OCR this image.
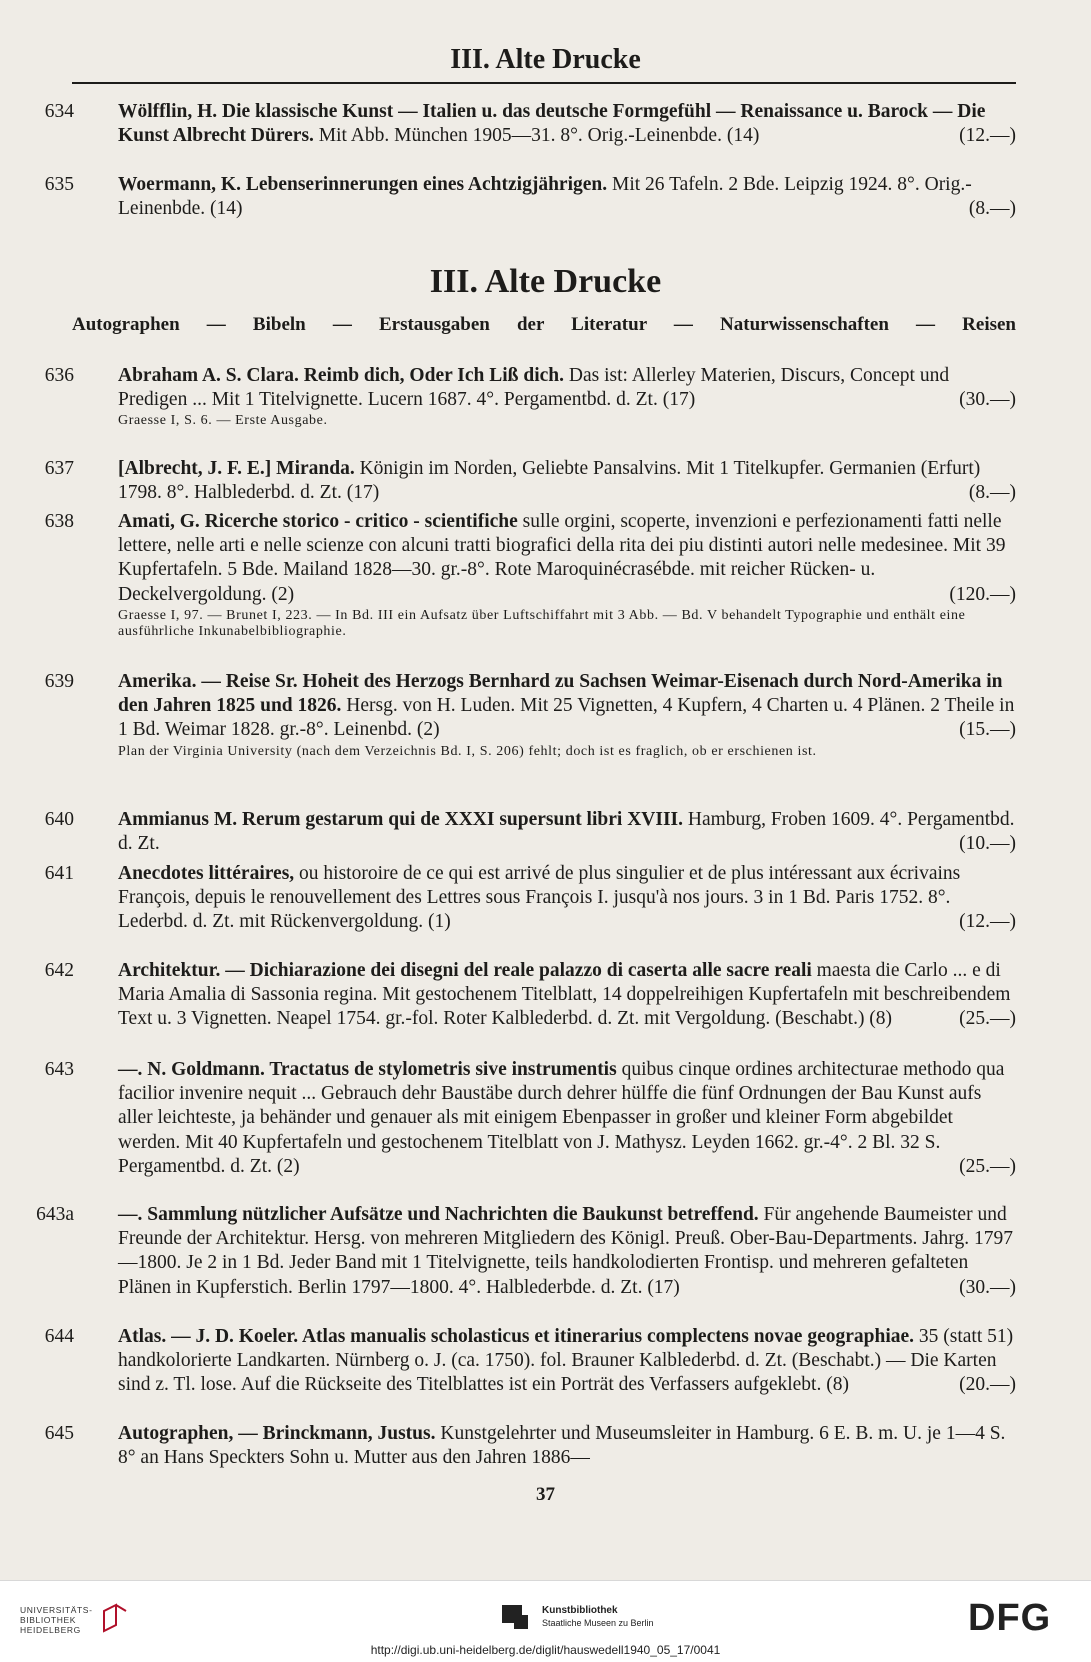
III. Alte Drucke
634 Wölfflin, H. Die klassische Kunst — Italien u. das deutsche Formgefühl — Renaissance u. Barock — Die Kunst Albrecht Dürers. Mit Abb. München 1905—31. 8°. Orig.-Leinenbde. (14)	(12.—)
635 Woermann, K. Lebenserinnerungen eines Achtzigjährigen. Mit 26 Tafeln. 2 Bde. Leipzig 1924. 8°. Orig.-Leinenbde. (14)	(8.—)
III. Alte Drucke
Autographen — Bibeln — Erstausgaben der Literatur — Naturwissenschaften — Reisen
636 Abraham A. S. Clara. Reimb dich, Oder Ich Liß dich. Das ist: Allerley Materien, Discurs, Concept und Predigen ... Mit 1 Titelvignette. Lucern 1687. 4°. Pergamentbd. d. Zt. (17)	(30.—)
Graesse I, S. 6. — Erste Ausgabe.
637 [Albrecht, J. F. E.] Miranda. Königin im Norden, Geliebte Pansalvins. Mit 1 Titelkupfer. Germanien (Erfurt) 1798. 8°. Halblederbd. d. Zt. (17)	(8.—)
638 Amati, G. Ricerche storico - critico - scientifiche sulle orgini, scoperte, invenzioni e perfezionamenti fatti nelle lettere, nelle arti e nelle scienze con alcuni tratti biografici della rita dei piu distinti autori nelle medesinee. Mit 39 Kupfertafeln. 5 Bde. Mailand 1828—30. gr.-8°. Rote Maroquinécrasébde. mit reicher Rücken- u. Deckelvergoldung. (2)	(120.—)
Graesse I, 97. — Brunet I, 223. — In Bd. III ein Aufsatz über Luftschiffahrt mit 3 Abb. — Bd. V behandelt Typographie und enthält eine ausführliche Inkunabelbibliographie.
639 Amerika. — Reise Sr. Hoheit des Herzogs Bernhard zu Sachsen Weimar-Eisenach durch Nord-Amerika in den Jahren 1825 und 1826. Hersg. von H. Luden. Mit 25 Vignetten, 4 Kupfern, 4 Charten u. 4 Plänen. 2 Theile in 1 Bd. Weimar 1828. gr.-8°. Leinenbd. (2)	(15.—)
Plan der Virginia University (nach dem Verzeichnis Bd. I, S. 206) fehlt; doch ist es fraglich, ob er erschienen ist.
640 Ammianus M. Rerum gestarum qui de XXXI supersunt libri XVIII. Hamburg, Froben 1609. 4°. Pergamentbd. d. Zt.	(10.—)
641 Anecdotes littéraires, ou historoire de ce qui est arrivé de plus singulier et de plus intéressant aux écrivains François, depuis le renouvellement des Lettres sous François I. jusqu'à nos jours. 3 in 1 Bd. Paris 1752. 8°. Lederbd. d. Zt. mit Rückenvergoldung. (1)	(12.—)
642 Architektur. — Dichiarazione dei disegni del reale palazzo di caserta alle sacre reali maesta die Carlo ... e di Maria Amalia di Sassonia regina. Mit gestochenem Titelblatt, 14 doppelreihigen Kupfertafeln mit beschreibendem Text u. 3 Vignetten. Neapel 1754. gr.-fol. Roter Kalblederbd. d. Zt. mit Vergoldung. (Beschabt.) (8)	(25.—)
643 —. N. Goldmann. Tractatus de stylometris sive instrumentis quibus cinque ordines architecturae methodo qua facilior invenire nequit ... Gebrauch dehr Baustäbe durch dehrer hülffe die fünf Ordnungen der Bau Kunst aufs aller leichteste, ja behänder und genauer als mit einigem Ebenpasser in großer und kleiner Form abgebildet werden. Mit 40 Kupfertafeln und gestochenem Titelblatt von J. Mathysz. Leyden 1662. gr.-4°. 2 Bl. 32 S. Pergamentbd. d. Zt. (2)	(25.—)
643a —. Sammlung nützlicher Aufsätze und Nachrichten die Baukunst betreffend. Für angehende Baumeister und Freunde der Architektur. Hersg. von mehreren Mitgliedern des Königl. Preuß. Ober-Bau-Departments. Jahrg. 1797—1800. Je 2 in 1 Bd. Jeder Band mit 1 Titelvignette, teils handkolodierten Frontisp. und mehreren gefalteten Plänen in Kupferstich. Berlin 1797—1800. 4°. Halblederbde. d. Zt. (17)	(30.—)
644 Atlas. — J. D. Koeler. Atlas manualis scholasticus et itinerarius complectens novae geographiae. 35 (statt 51) handkolorierte Landkarten. Nürnberg o. J. (ca. 1750). fol. Brauner Kalblederbd. d. Zt. (Beschabt.) — Die Karten sind z. Tl. lose. Auf die Rückseite des Titelblattes ist ein Porträt des Verfassers aufgeklebt. (8)	(20.—)
645 Autographen, — Brinckmann, Justus. Kunstgelehrter und Museumsleiter in Hamburg. 6 E. B. m. U. je 1—4 S. 8° an Hans Speckters Sohn u. Mutter aus den Jahren 1886—
37
UNIVERSITÄTS-
BIBLIOTHEK
HEIDELBERG
Kunstbibliothek
Staatliche Museen zu Berlin	DFG
http://digi.ub.uni-heidelberg.de/diglit/hauswedell1940_05_17/0041
